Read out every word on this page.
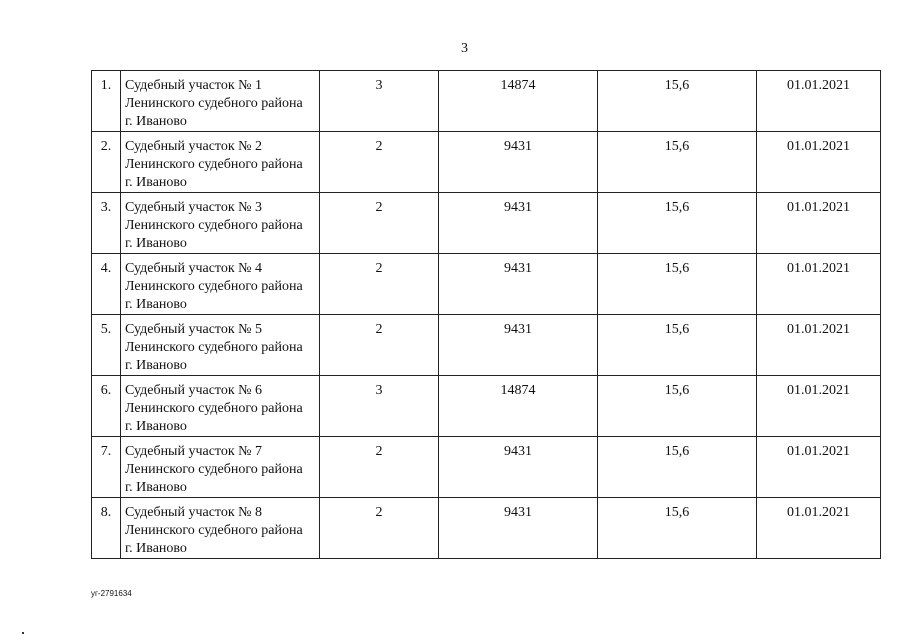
3
1.	Судебный участок № 1
Ленинского судебного района
г. Иваново	3	14874	15,6	01.01.2021
2.	Судебный участок № 2
Ленинского судебного района
г. Иваново	2	9431	15,6	01.01.2021
3.	Судебный участок № 3
Ленинского судебного района
г. Иваново	2	9431	15,6	01.01.2021
4.	Судебный участок № 4
Ленинского судебного района
г. Иваново	2	9431	15,6	01.01.2021
5.	Судебный участок № 5
Ленинского судебного района
г. Иваново	2	9431	15,6	01.01.2021
6.	Судебный участок № 6
Ленинского судебного района
г. Иваново	3	14874	15,6	01.01.2021
7.	Судебный участок № 7
Ленинского судебного района
г. Иваново	2	9431	15,6	01.01.2021
8.	Судебный участок № 8
Ленинского судебного района
г. Иваново	2	9431	15,6	01.01.2021
уг-2791634
